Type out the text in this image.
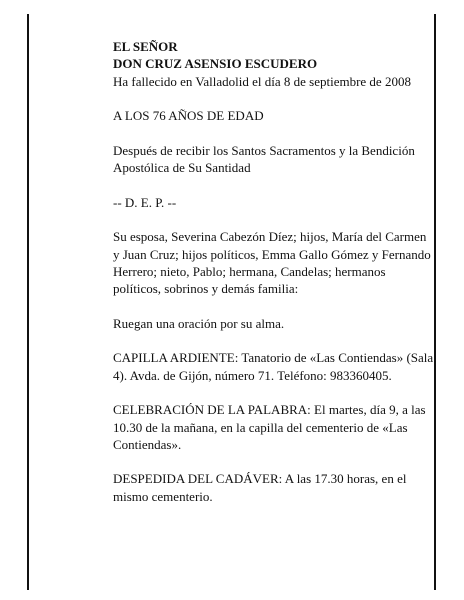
EL SEÑOR
DON CRUZ ASENSIO ESCUDERO
Ha fallecido en Valladolid el día 8 de septiembre de 2008

A LOS 76 AÑOS DE EDAD

Después de recibir los Santos Sacramentos y la Bendición Apostólica de Su Santidad

-- D. E. P. --

Su esposa, Severina Cabezón Díez; hijos, María del Carmen y Juan Cruz; hijos políticos, Emma Gallo Gómez y Fernando Herrero; nieto, Pablo; hermana, Candelas; hermanos políticos, sobrinos y demás familia:

Ruegan una oración por su alma.

CAPILLA ARDIENTE: Tanatorio de «Las Contiendas» (Sala 4). Avda. de Gijón, número 71. Teléfono: 983360405.

CELEBRACIÓN DE LA PALABRA: El martes, día 9, a las 10.30 de la mañana, en la capilla del cementerio de «Las Contiendas».

DESPEDIDA DEL CADÁVER: A las 17.30 horas, en el mismo cementerio.
